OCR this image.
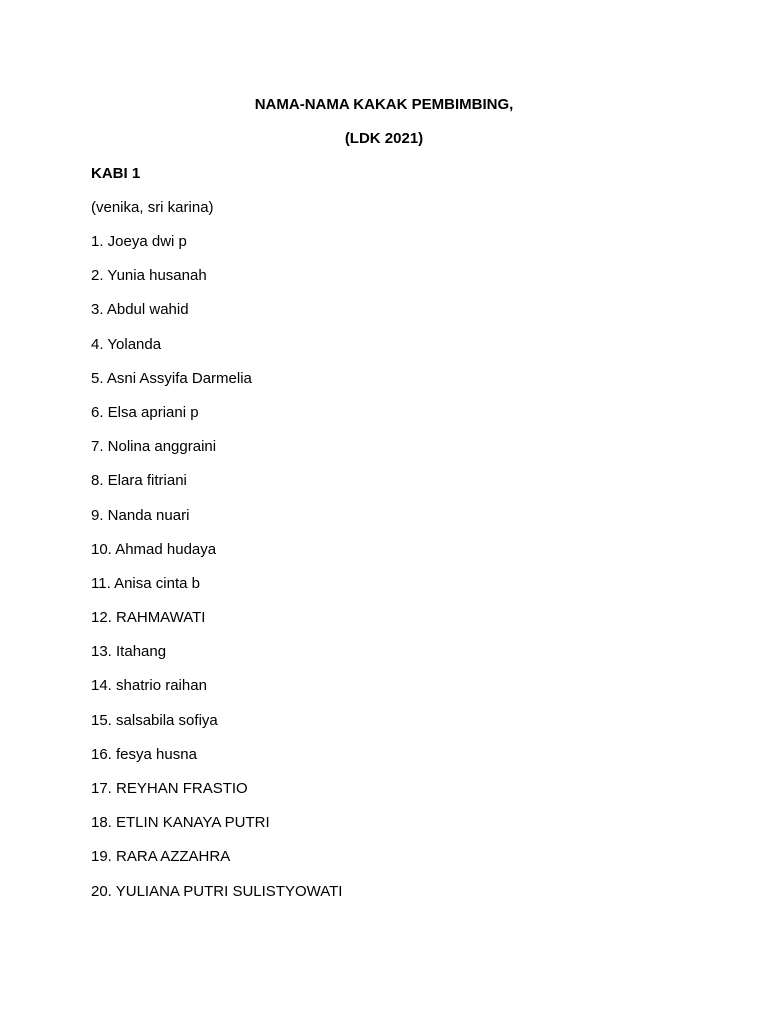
NAMA-NAMA KAKAK PEMBIMBING,
(LDK 2021)
KABI 1
(venika, sri karina)
1. Joeya dwi p
2. Yunia husanah
3. Abdul wahid
4. Yolanda
5. Asni Assyifa Darmelia
6. Elsa apriani p
7. Nolina anggraini
8. Elara fitriani
9. Nanda nuari
10. Ahmad hudaya
11. Anisa cinta b
12. RAHMAWATI
13. Itahang
14. shatrio raihan
15. salsabila sofiya
16. fesya husna
17. REYHAN FRASTIO
18. ETLIN KANAYA PUTRI
19. RARA AZZAHRA
20. YULIANA PUTRI SULISTYOWATI
